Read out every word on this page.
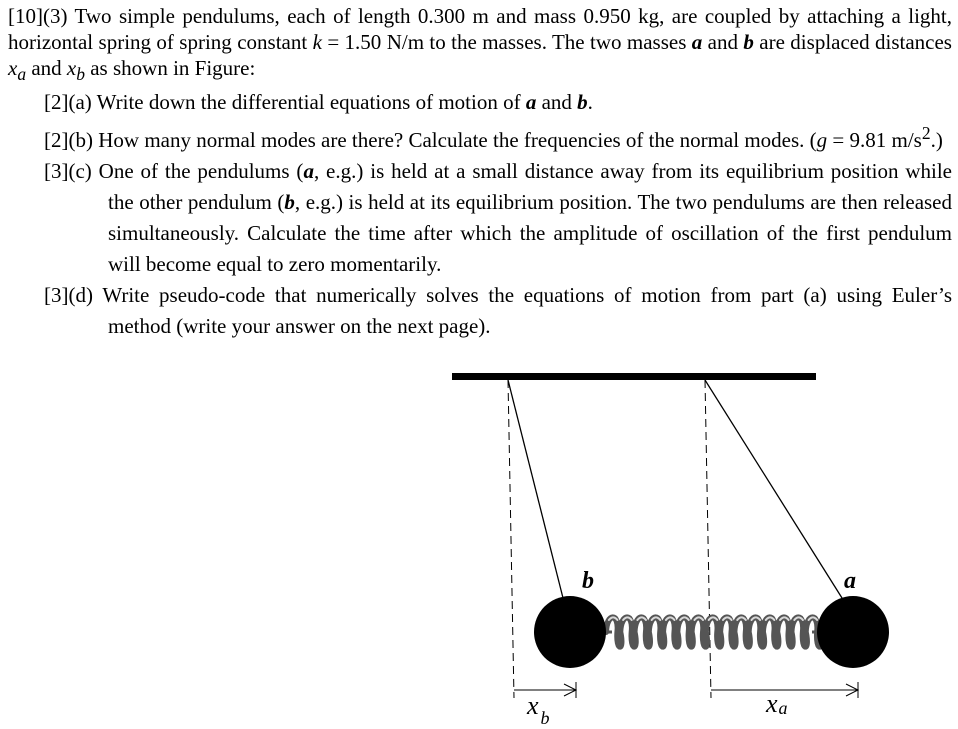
[10](3) Two simple pendulums, each of length 0.300 m and mass 0.950 kg, are coupled by attaching a light, horizontal spring of spring constant k = 1.50 N/m to the masses. The two masses a and b are displaced distances $x_a$ and $x_b$ as shown in Figure:

[2](a) Write down the differential equations of motion of a and b.

[2](b) How many normal modes are there? Calculate the frequencies of the normal modes. (g = 9.81 $m/s^2$.)

[3](c) One of the pendulums (a, e.g.) is held at a small distance away from its equilibrium position while the other pendulum (b, e.g.) is held at its equilibrium position. The two pendulums are then released simultaneously. Calculate the time after which the amplitude of oscillation of the first pendulum will become equal to zero momentarily.

[3](d) Write pseudo-code that numerically solves the equations of motion from part (a) using Euler’s method (write your answer on the next page).

b	a
x $_b$	xa
